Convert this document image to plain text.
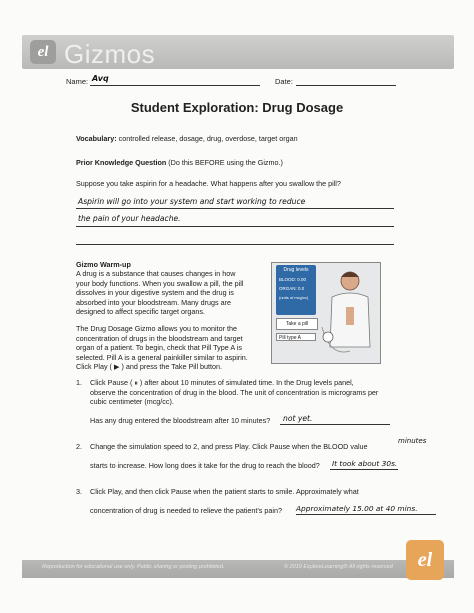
el Gizmos
Name: Avq	Date:
Student Exploration: Drug Dosage
Vocabulary: controlled release, dosage, drug, overdose, target organ
Prior Knowledge Question (Do this BEFORE using the Gizmo.)
Suppose you take aspirin for a headache. What happens after you swallow the pill?
Aspirin will go into your system and start working to reduce
the pain of your headache.
Gizmo Warm-up
A drug is a substance that causes changes in how
your body functions. When you swallow a pill, the pill
dissolves in your digestive system and the drug is
absorbed into your bloodstream. Many drugs are
designed to affect specific target organs.
The Drug Dosage Gizmo allows you to monitor the
concentration of drugs in the bloodstream and target
organ of a patient. To begin, check that Pill Type A is
selected. Pill A is a general painkiller similar to aspirin.
Click Play ( ▶ ) and press the Take Pill button.
Drug levels
BLOOD: 0.00
ORGAN: 0.0
(units of mcg/cc)
Take a pill
Pill type A
1. Click Pause ( ⏸ ) after about 10 minutes of simulated time. In the Drug levels panel,
observe the concentration of drug in the blood. The unit of concentration is micrograms per
cubic centimeter (mcg/cc).
Has any drug entered the bloodstream after 10 minutes? not yet.
2. Change the simulation speed to 2, and press Play. Click Pause when the BLOOD value
starts to increase. How long does it take for the drug to reach the blood? It took about 30s.
minutes
3. Click Play, and then click Pause when the patient starts to smile. Approximately what
concentration of drug is needed to relieve the patient's pain? Approximately 15.00 at 40 mins.
Reproduction for educational use only. Public sharing or posting prohibited.	© 2019 ExploreLearning® All rights reserved	el
